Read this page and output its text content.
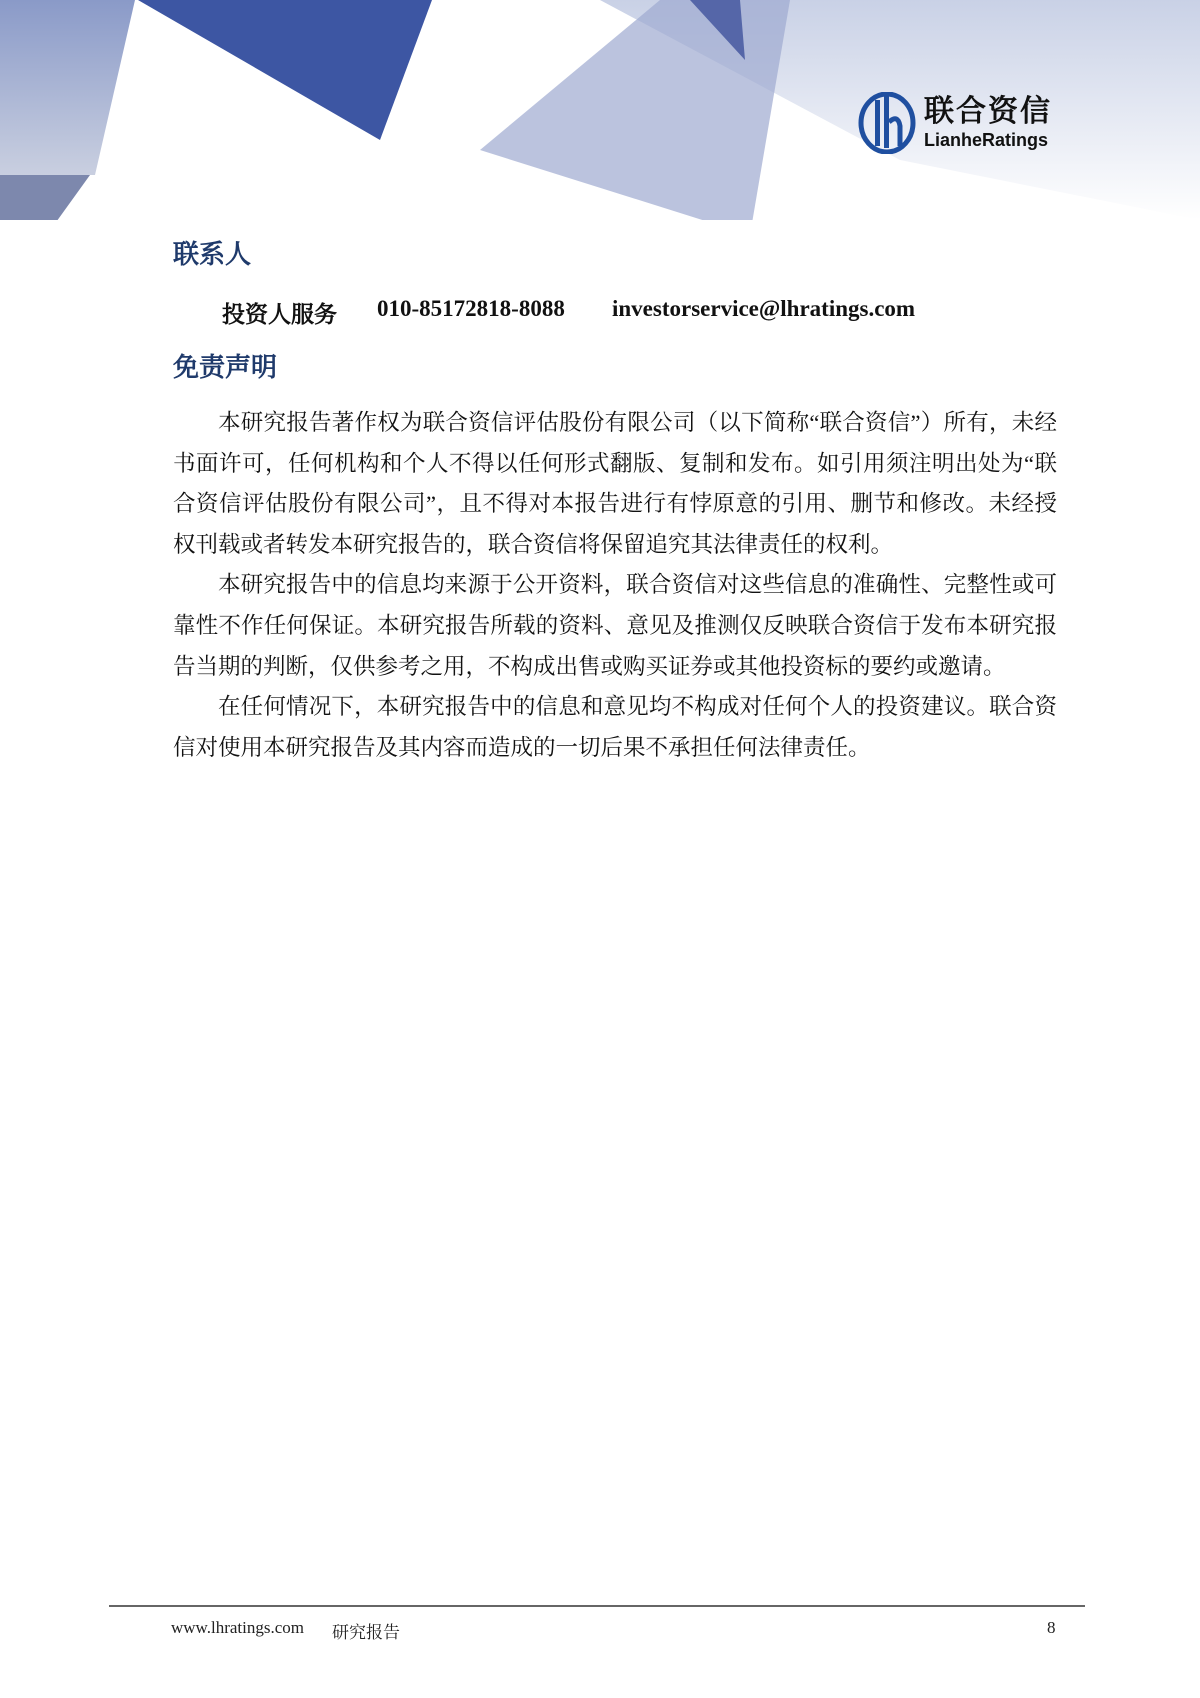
联合资信
LianheRatings
联系人
投资人服务 010-85172818-8088 investorservice@lhratings.com
免责声明

本研究报告著作权为联合资信评估股份有限公司（以下简称“联合资信”）所有，未经书面许可，任何机构和个人不得以任何形式翻版、复制和发布。如引用须注明出处为“联合资信评估股份有限公司”，且不得对本报告进行有悖原意的引用、删节和修改。未经授权刊载或者转发本研究报告的，联合资信将保留追究其法律责任的权利。

本研究报告中的信息均来源于公开资料，联合资信对这些信息的准确性、完整性或可靠性不作任何保证。本研究报告所载的资料、意见及推测仅反映联合资信于发布本研究报告当期的判断，仅供参考之用，不构成出售或购买证券或其他投资标的要约或邀请。

在任何情况下，本研究报告中的信息和意见均不构成对任何个人的投资建议。联合资信对使用本研究报告及其内容而造成的一切后果不承担任何法律责任。

www.lhratings.com 研究报告	8
